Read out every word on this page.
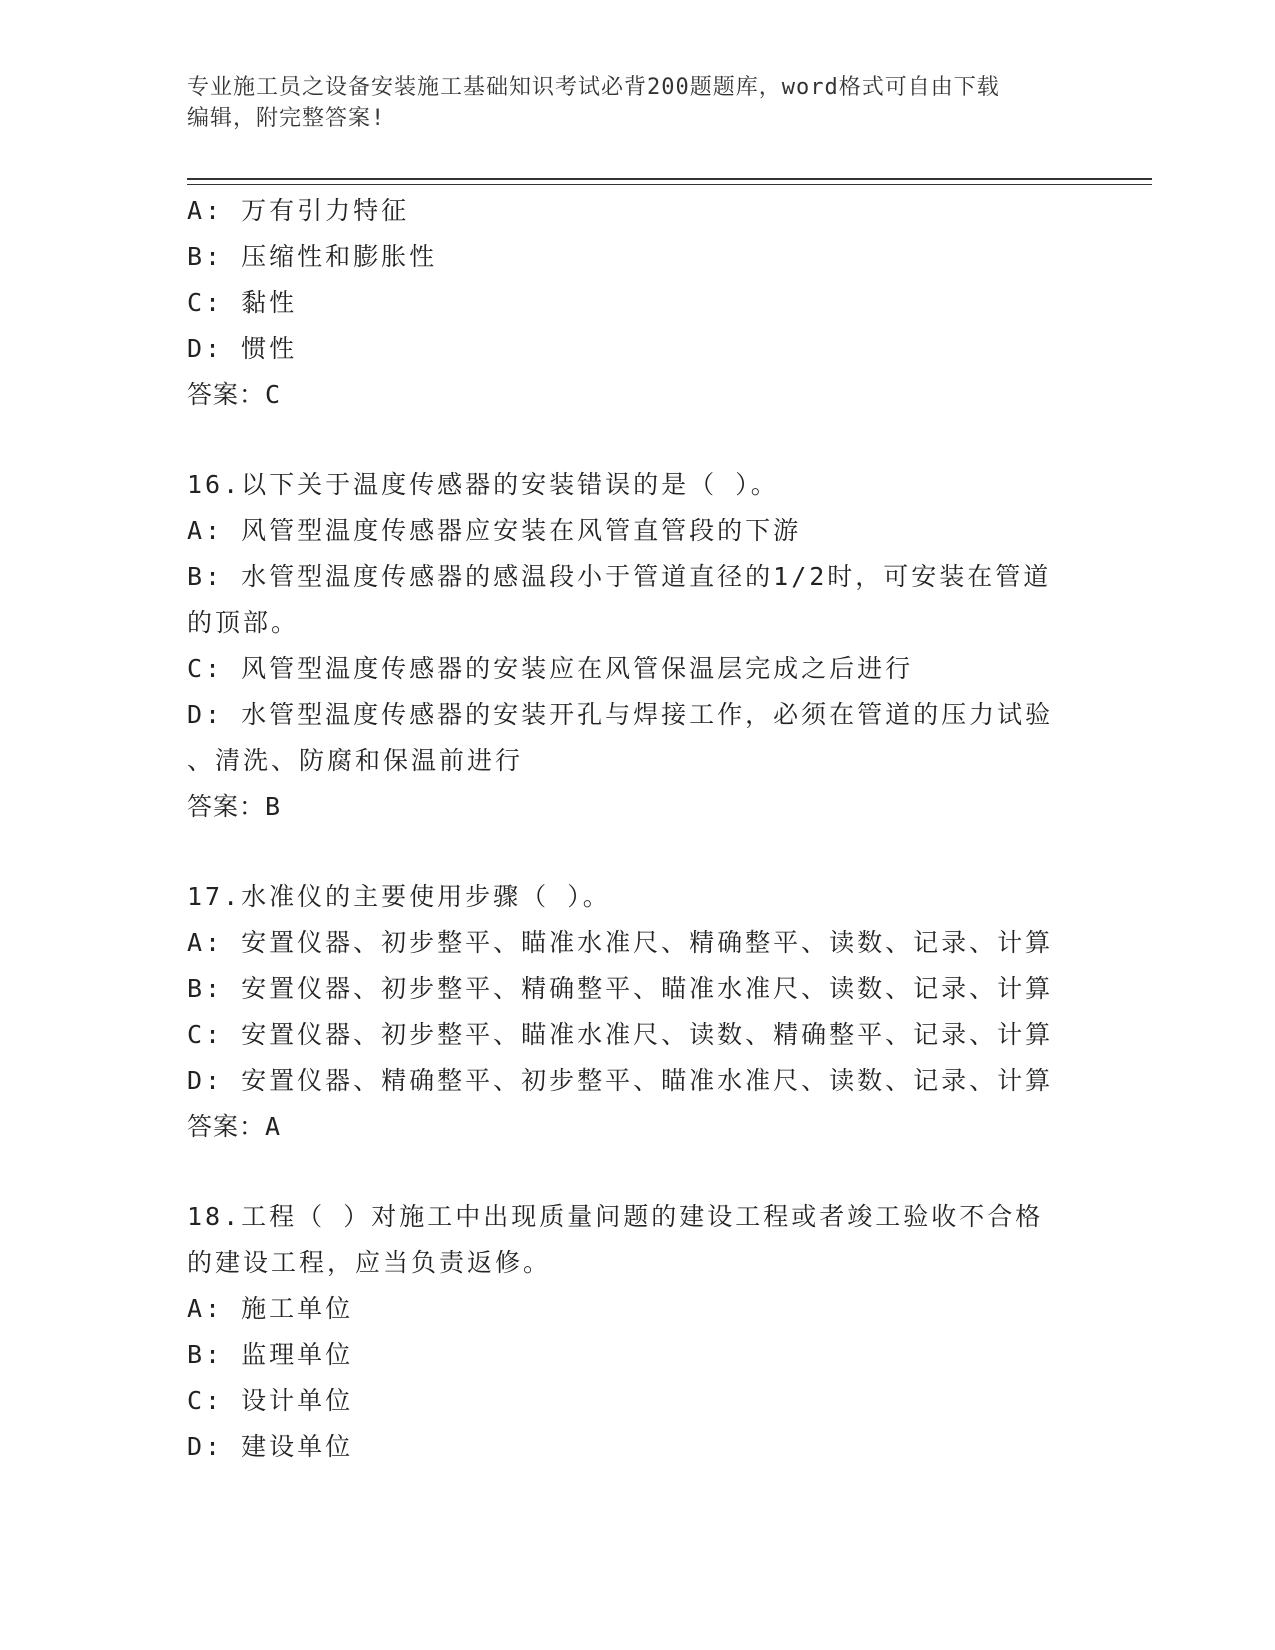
专业施工员之设备安装施工基础知识考试必背200题题库，word格式可自由下载
编辑，附完整答案!
A: 万有引力特征
B: 压缩性和膨胀性
C: 黏性
D: 惯性
答案：C
16.以下关于温度传感器的安装错误的是（ ）。
A: 风管型温度传感器应安装在风管直管段的下游
B: 水管型温度传感器的感温段小于管道直径的1/2时，可安装在管道
的顶部。
C: 风管型温度传感器的安装应在风管保温层完成之后进行
D: 水管型温度传感器的安装开孔与焊接工作，必须在管道的压力试验
、清洗、防腐和保温前进行
答案：B
17.水准仪的主要使用步骤（ ）。
A: 安置仪器、初步整平、瞄准水准尺、精确整平、读数、记录、计算
B: 安置仪器、初步整平、精确整平、瞄准水准尺、读数、记录、计算
C: 安置仪器、初步整平、瞄准水准尺、读数、精确整平、记录、计算
D: 安置仪器、精确整平、初步整平、瞄准水准尺、读数、记录、计算
答案：A
18.工程（ ）对施工中出现质量问题的建设工程或者竣工验收不合格
的建设工程，应当负责返修。
A: 施工单位
B: 监理单位
C: 设计单位
D: 建设单位
